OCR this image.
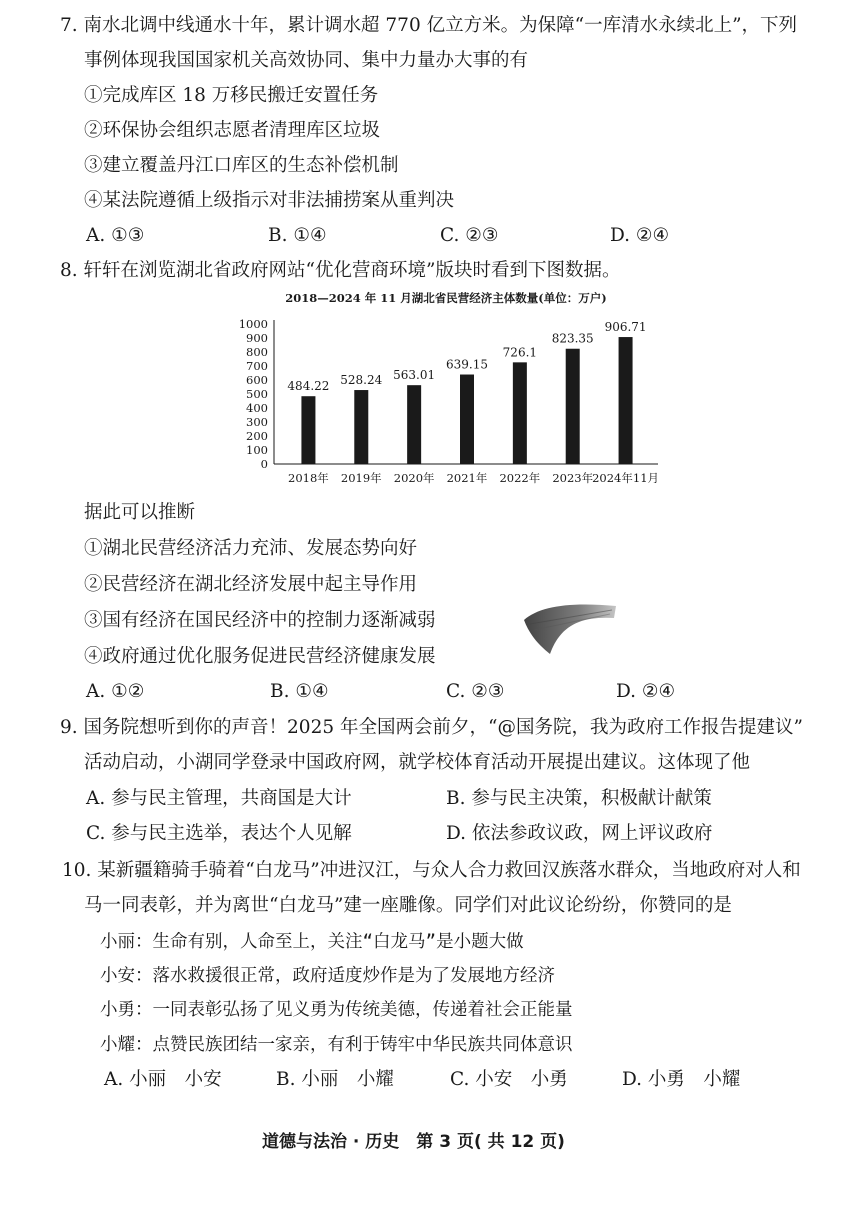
7. 南水北调中线通水十年，累计调水超 770 亿立方米。为保障“一库清水永续北上”，下列
事例体现我国国家机关高效协同、集中力量办大事的有
①完成库区 18 万移民搬迁安置任务
②环保协会组织志愿者清理库区垃圾
③建立覆盖丹江口库区的生态补偿机制
④某法院遵循上级指示对非法捕捞案从重判决
A. ①③	B. ①④	C. ②③	D. ②④
8. 轩轩在浏览湖北省政府网站“优化营商环境”版块时看到下图数据。
2018—2024 年 11 月湖北省民营经济主体数量(单位：万户)
0
100
200
300
400
500
600
700
800
900
1000
484.22
2018年
528.24
2019年
563.01
2020年
639.15
2021年
726.1
2022年
823.35
2023年
906.71
2024年11月
据此可以推断
①湖北民营经济活力充沛、发展态势向好
②民营经济在湖北经济发展中起主导作用
③国有经济在国民经济中的控制力逐渐减弱
④政府通过优化服务促进民营经济健康发展
A. ①②	B. ①④	C. ②③	D. ②④
9. 国务院想听到你的声音！2025 年全国两会前夕，“@国务院，我为政府工作报告提建议”
活动启动，小湖同学登录中国政府网，就学校体育活动开展提出建议。这体现了他
A. 参与民主管理，共商国是大计	B. 参与民主决策，积极献计献策
C. 参与民主选举，表达个人见解	D. 依法参政议政，网上评议政府
10. 某新疆籍骑手骑着“白龙马”冲进汉江，与众人合力救回汉族落水群众，当地政府对人和
马一同表彰，并为离世“白龙马”建一座雕像。同学们对此议论纷纷，你赞同的是
小丽：生命有别，人命至上，关注“白龙马”是小题大做
小安：落水救援很正常，政府适度炒作是为了发展地方经济
小勇：一同表彰弘扬了见义勇为传统美德，传递着社会正能量
小耀：点赞民族团结一家亲，有利于铸牢中华民族共同体意识
A. 小丽　小安	B. 小丽　小耀	C. 小安　小勇	D. 小勇　小耀
道德与法治 · 历史　第 3 页( 共 12 页)
